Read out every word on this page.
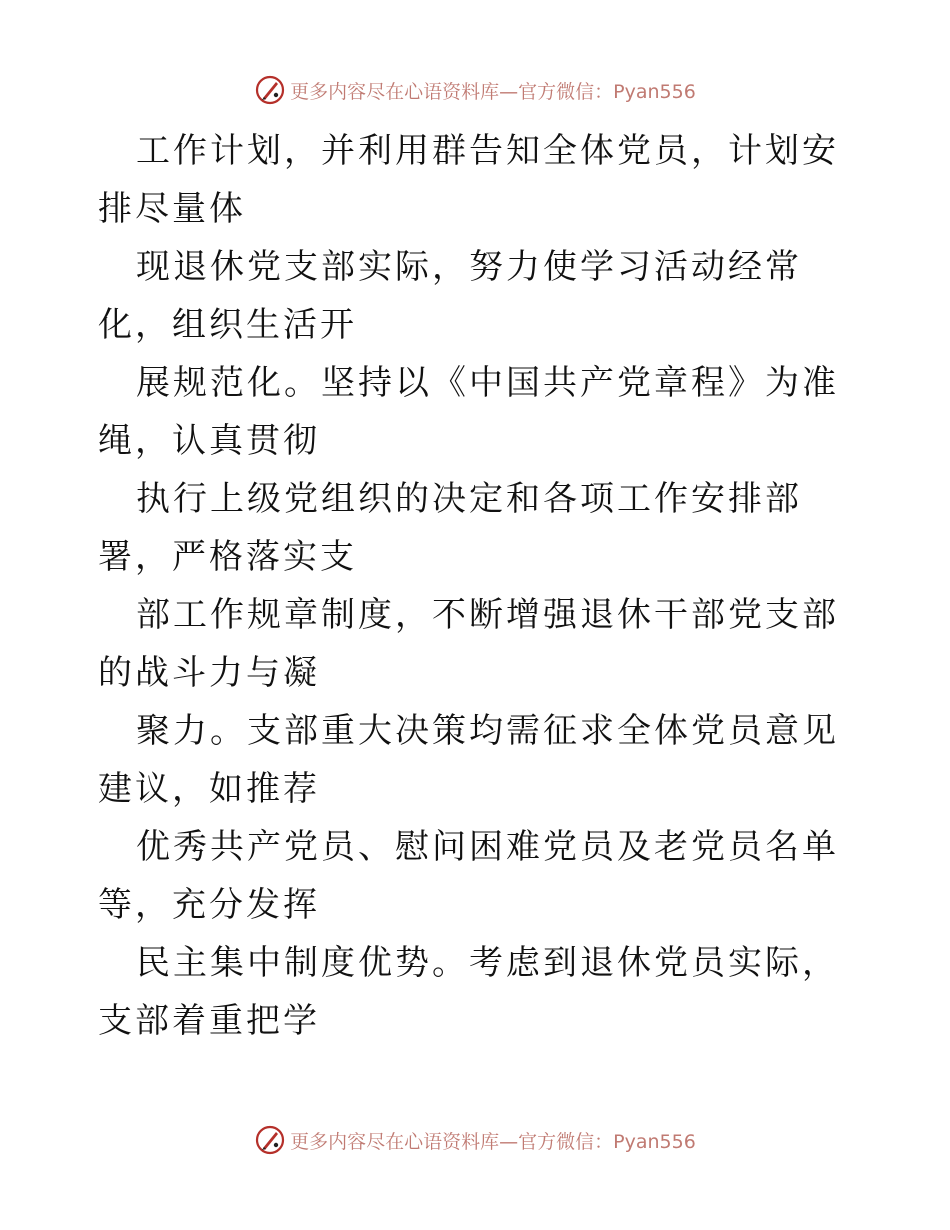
更多内容尽在心语资料库—官方微信：Pyan556

工作计划，并利用群告知全体党员，计划安排尽量体

现退休党支部实际，努力使学习活动经常化，组织生活开

展规范化。坚持以《中国共产党章程》为准绳，认真贯彻

执行上级党组织的决定和各项工作安排部署，严格落实支

部工作规章制度，不断增强退休干部党支部的战斗力与凝

聚力。支部重大决策均需征求全体党员意见建议，如推荐

优秀共产党员、慰问困难党员及老党员名单等，充分发挥

民主集中制度优势。考虑到退休党员实际，支部着重把学

更多内容尽在心语资料库—官方微信：Pyan556
